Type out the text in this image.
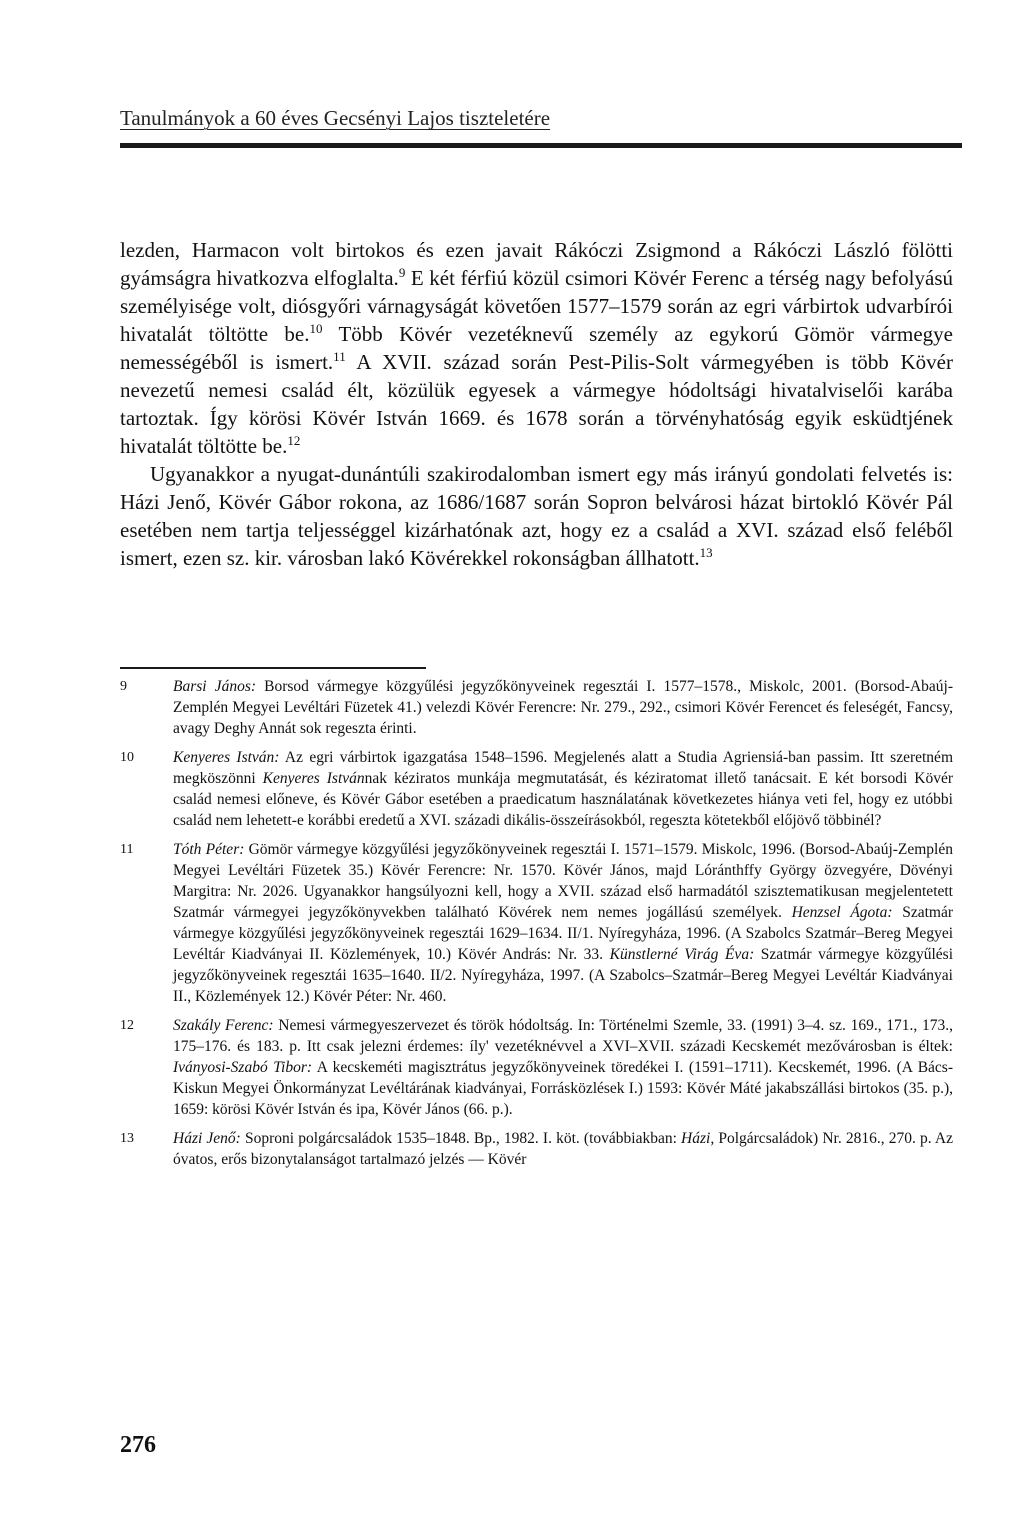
Tanulmányok a 60 éves Gecsényi Lajos tiszteletére

lezden, Harmacon volt birtokos és ezen javait Rákóczi Zsigmond a Rákóczi László fölötti gyámságra hivatkozva elfoglalta.$^9$ E két férfiú közül csimori Kövér Ferenc a térség nagy befolyású személyisége volt, diósgyőri várnagyságát követően 1577–1579 során az egri várbirtok udvarbírói hivatalát töltötte be.$^{10}$ Több Kövér vezetéknevű személy az egykorú Gömör vármegye nemességéből is ismert.$^{11}$ A XVII. század során Pest-Pilis-Solt vármegyében is több Kövér nevezetű nemesi család élt, közülük egyesek a vármegye hódoltsági hivatalviselői karába tartoztak. Így körösi Kövér István 1669. és 1678 során a törvényhatóság egyik esküdtjének hivatalát töltötte be.$^{12}$

Ugyanakkor a nyugat-dunántúli szakirodalomban ismert egy más irányú gondolati felvetés is: Házi Jenő, Kövér Gábor rokona, az 1686/1687 során Sopron belvárosi házat birtokló Kövér Pál esetében nem tartja teljességgel kizárhatónak azt, hogy ez a család a XVI. század első feléből ismert, ezen sz. kir. városban lakó Kövérekkel rokonságban állhatott.$^{13}$

9	Barsi János: Borsod vármegye közgyűlési jegyzőkönyveinek regesztái I. 1577–1578., Miskolc, 2001. (Borsod-Abaúj-Zemplén Megyei Levéltári Füzetek 41.) velezdi Kövér Ferencre: Nr. 279., 292., csimori Kövér Ferencet és feleségét, Fancsy, avagy Deghy Annát sok regeszta érinti.
10	Kenyeres István: Az egri várbirtok igazgatása 1548–1596. Megjelenés alatt a Studia Agriensiá-ban passim. Itt szeretném megköszönni Kenyeres Istvánnak kéziratos munkája megmutatását, és kéziratomat illető tanácsait. E két borsodi Kövér család nemesi előneve, és Kövér Gábor esetében a praedicatum használatának következetes hiánya veti fel, hogy ez utóbbi család nem lehetett-e korábbi eredetű a XVI. századi dikális-összeírásokból, regeszta kötetekből előjövő többinél?
11	Tóth Péter: Gömör vármegye közgyűlési jegyzőkönyveinek regesztái I. 1571–1579. Miskolc, 1996. (Borsod-Abaúj-Zemplén Megyei Levéltári Füzetek 35.) Kövér Ferencre: Nr. 1570. Kövér János, majd Lóránthffy György özvegyére, Dövényi Margitra: Nr. 2026. Ugyanakkor hangsúlyozni kell, hogy a XVII. század első harmadától szisztematikusan megjelentetett Szatmár vármegyei jegyzőkönyvekben található Kövérek nem nemes jogállású személyek. Henzsel Ágota: Szatmár vármegye közgyűlési jegyzőkönyveinek regesztái 1629–1634. II/1. Nyíregyháza, 1996. (A Szabolcs Szatmár–Bereg Megyei Levéltár Kiadványai II. Közlemények, 10.) Kövér András: Nr. 33. Künstlerné Virág Éva: Szatmár vármegye közgyűlési jegyzőkönyveinek regesztái 1635–1640. II/2. Nyíregyháza, 1997. (A Szabolcs–Szatmár–Bereg Megyei Levéltár Kiadványai II., Közlemények 12.) Kövér Péter: Nr. 460.
12	Szakály Ferenc: Nemesi vármegyeszervezet és török hódoltság. In: Történelmi Szemle, 33. (1991) 3–4. sz. 169., 171., 173., 175–176. és 183. p. Itt csak jelezni érdemes: íly' vezetéknévvel a XVI–XVII. századi Kecskemét mezővárosban is éltek: Iványosi-Szabó Tibor: A kecskeméti magisztrátus jegyzőkönyveinek töredékei I. (1591–1711). Kecskemét, 1996. (A Bács-Kiskun Megyei Önkormányzat Levéltárának kiadványai, Forrásközlések I.) 1593: Kövér Máté jakabszállási birtokos (35. p.), 1659: körösi Kövér István és ipa, Kövér János (66. p.).
13	Házi Jenő: Soproni polgárcsaládok 1535–1848. Bp., 1982. I. köt. (továbbiakban: Házi, Polgárcsaládok) Nr. 2816., 270. p. Az óvatos, erős bizonytalanságot tartalmazó jelzés — Kövér
276
